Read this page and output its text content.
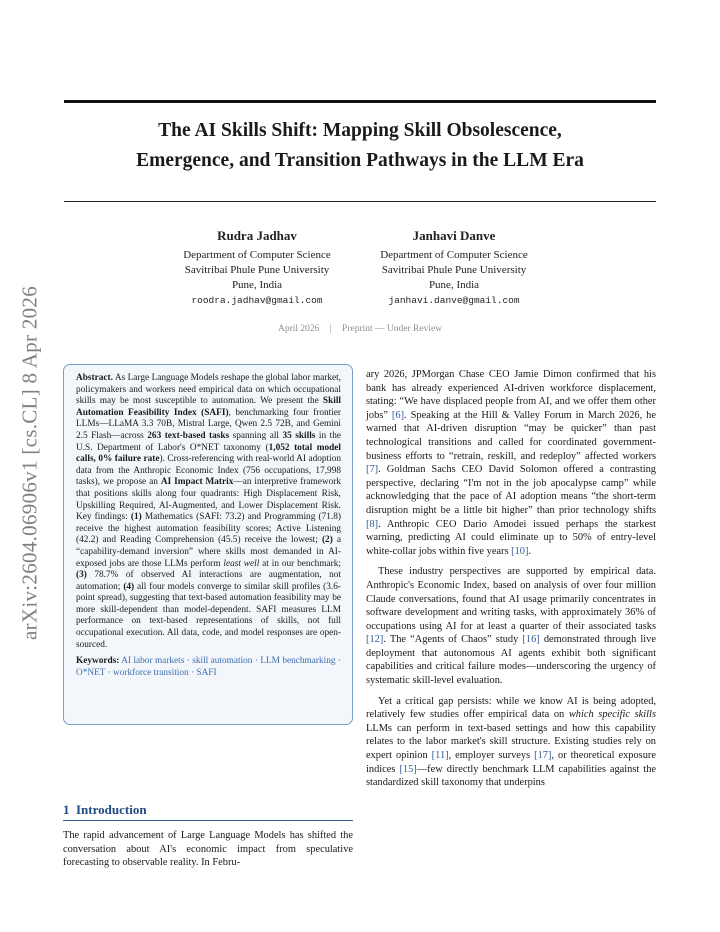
arXiv:2604.06906v1 [cs.CL] 8 Apr 2026
The AI Skills Shift: Mapping Skill Obsolescence,
Emergence, and Transition Pathways in the LLM Era
Rudra Jadhav
Department of Computer Science
Savitribai Phule Pune University
Pune, India
roodra.jadhav@gmail.com
Janhavi Danve
Department of Computer Science
Savitribai Phule Pune University
Pune, India
janhavi.danve@gmail.com
April 2026 | Preprint — Under Review

Abstract. As Large Language Models reshape the global labor market, policymakers and workers need empirical data on which occupational skills may be most susceptible to automation. We present the Skill Automation Feasibility Index (SAFI), benchmarking four frontier LLMs—LLaMA 3.3 70B, Mistral Large, Qwen 2.5 72B, and Gemini 2.5 Flash—across 263 text-based tasks spanning all 35 skills in the U.S. Department of Labor's O*NET taxonomy (1,052 total model calls, 0% failure rate). Cross-referencing with real-world AI adoption data from the Anthropic Economic Index (756 occupations, 17,998 tasks), we propose an AI Impact Matrix—an interpretive framework that positions skills along four quadrants: High Displacement Risk, Upskilling Required, AI-Augmented, and Lower Displacement Risk. Key findings: (1) Mathematics (SAFI: 73.2) and Programming (71.8) receive the highest automation feasibility scores; Active Listening (42.2) and Reading Comprehension (45.5) receive the lowest; (2) a “capability-demand inversion” where skills most demanded in AI-exposed jobs are those LLMs perform least well at in our benchmark; (3) 78.7% of observed AI interactions are augmentation, not automation; (4) all four models converge to similar skill profiles (3.6-point spread), suggesting that text-based automation feasibility may be more skill-dependent than model-dependent. SAFI measures LLM performance on text-based representations of skills, not full occupational execution. All data, code, and model responses are open-sourced.

Keywords: AI labor markets · skill automation · LLM benchmarking · O*NET · workforce transition · SAFI

1 Introduction

The rapid advancement of Large Language Models has shifted the conversation about AI's economic impact from speculative forecasting to observable reality. In Febru-

ary 2026, JPMorgan Chase CEO Jamie Dimon confirmed that his bank has already experienced AI-driven workforce displacement, stating: “We have displaced people from AI, and we offer them other jobs” [6]. Speaking at the Hill & Valley Forum in March 2026, he warned that AI-driven disruption “may be quicker” than past technological transitions and called for coordinated government-business efforts to “retrain, reskill, and redeploy” affected workers [7]. Goldman Sachs CEO David Solomon offered a contrasting perspective, declaring “I'm not in the job apocalypse camp” while acknowledging that the pace of AI adoption means “the short-term disruption might be a little bit higher” than prior technology shifts [8]. Anthropic CEO Dario Amodei issued perhaps the starkest warning, predicting AI could eliminate up to 50% of entry-level white-collar jobs within five years [10].

These industry perspectives are supported by empirical data. Anthropic's Economic Index, based on analysis of over four million Claude conversations, found that AI usage primarily concentrates in software development and writing tasks, with approximately 36% of occupations using AI for at least a quarter of their associated tasks [12]. The “Agents of Chaos” study [16] demonstrated through live deployment that autonomous AI agents exhibit both significant capabilities and critical failure modes—underscoring the urgency of systematic skill-level evaluation.

Yet a critical gap persists: while we know AI is being adopted, relatively few studies offer empirical data on which specific skills LLMs can perform in text-based settings and how this capability relates to the labor market's skill structure. Existing studies rely on expert opinion [11], employer surveys [17], or theoretical exposure indices [15]—few directly benchmark LLM capabilities against the standardized skill taxonomy that underpins
